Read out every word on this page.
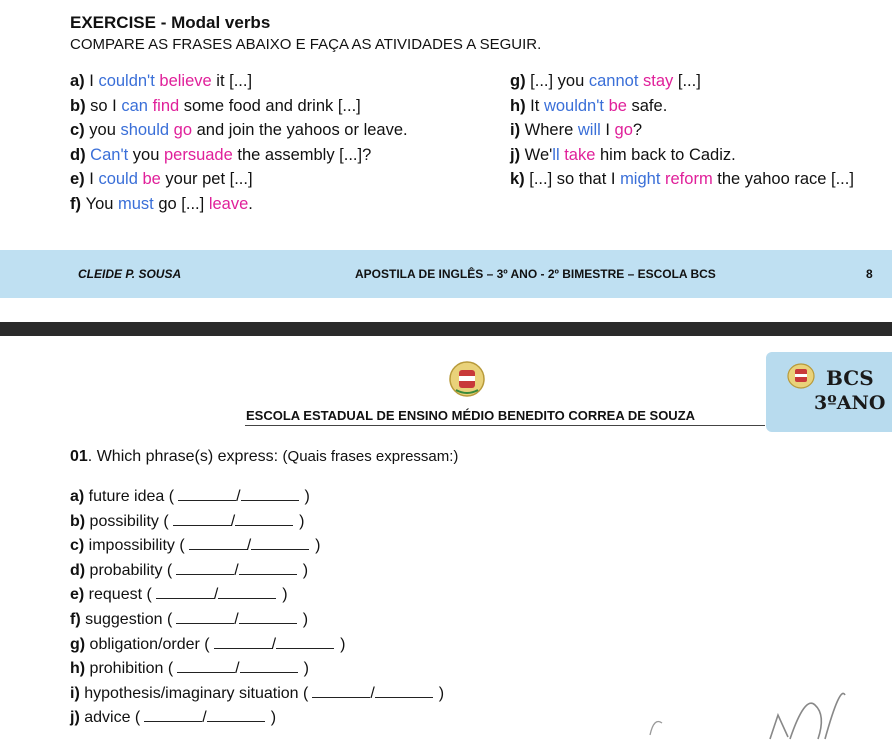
EXERCISE - Modal verbs
COMPARE AS FRASES ABAIXO E FAÇA AS ATIVIDADES A SEGUIR.
a) I couldn't believe it [...]
b) so I can find some food and drink [...]
c) you should go and join the yahoos or leave.
d) Can't you persuade the assembly [...]?
e) I could be your pet [...]
f) You must go [...] leave.
g) [...] you cannot stay [...]
h) It wouldn't be safe.
i) Where will I go?
j) We'll take him back to Cadiz.
k) [...] so that I might reform the yahoo race [...]
CLEIDE P. SOUSA	APOSTILA DE INGLÊS – 3º ANO - 2º BIMESTRE – ESCOLA BCS	8
BCS
3ºANO
ESCOLA ESTADUAL DE ENSINO MÉDIO BENEDITO CORREA DE SOUZA
01. Which phrase(s) express: (Quais frases expressam:)
a) future idea (	/	)
b) possibility (	/	)
c) impossibility (	/	)
d) probability (	/	)
e) request (	/	)
f) suggestion (	/	)
g) obligation/order (	/	)
h) prohibition (	/	)
i) hypothesis/imaginary situation (	/	)
j) advice (	/	)
